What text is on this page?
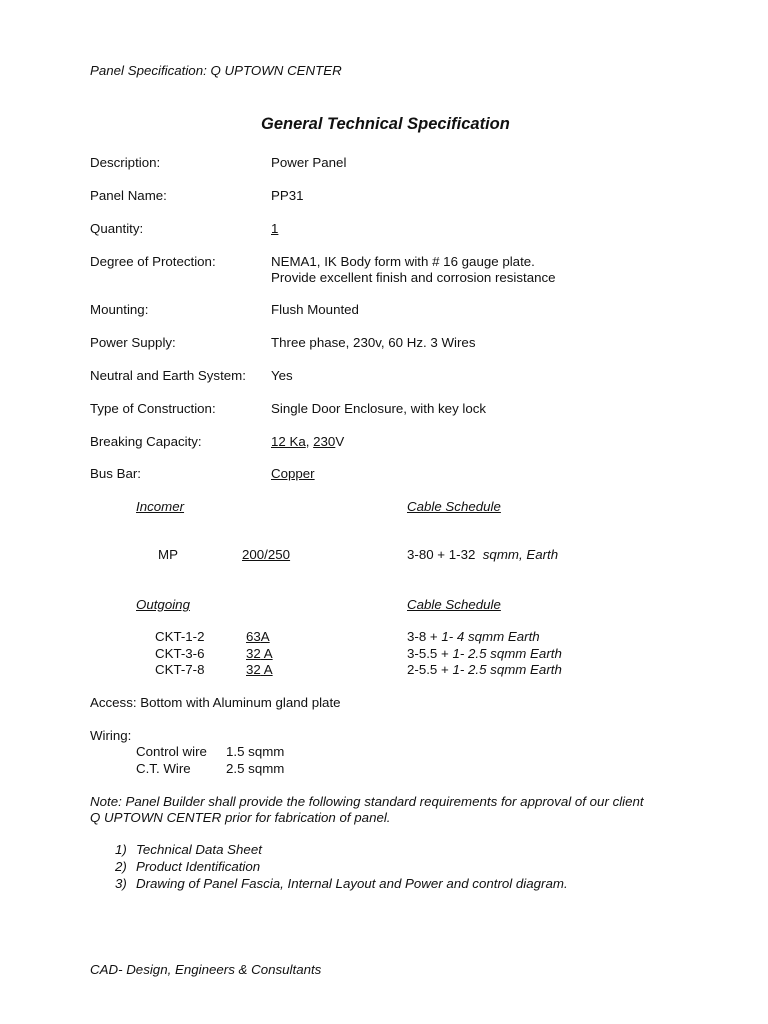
Panel Specification: Q UPTOWN CENTER
General Technical Specification
Description:	Power Panel
Panel Name:	PP31
Quantity:	1
Degree of Protection:	NEMA1, IK Body form with # 16 gauge plate.
Provide excellent finish and corrosion resistance
Mounting:	Flush Mounted
Power Supply:	Three phase, 230v, 60 Hz. 3 Wires
Neutral and Earth System: Yes
Type of Construction:	Single Door Enclosure, with key lock
Breaking Capacity:	12 Ka, 230V
Bus Bar:	Copper
Incomer	Cable Schedule
MP	200/250	3-80 + 1-32 sqmm, Earth
Outgoing	Cable Schedule
CKT-1-2	63A	3-8 + 1- 4 sqmm Earth
CKT-3-6	32 A	3-5.5 + 1- 2.5 sqmm Earth
CKT-7-8	32 A	2-5.5 + 1- 2.5 sqmm Earth
Access: Bottom with Aluminum gland plate
Wiring:
Control wire 1.5 sqmm
C.T. Wire	2.5 sqmm
Note: Panel Builder shall provide the following standard requirements for approval of our client
Q UPTOWN CENTER prior for fabrication of panel.
1) Technical Data Sheet
2) Product Identification
3) Drawing of Panel Fascia, Internal Layout and Power and control diagram.
CAD- Design, Engineers & Consultants
